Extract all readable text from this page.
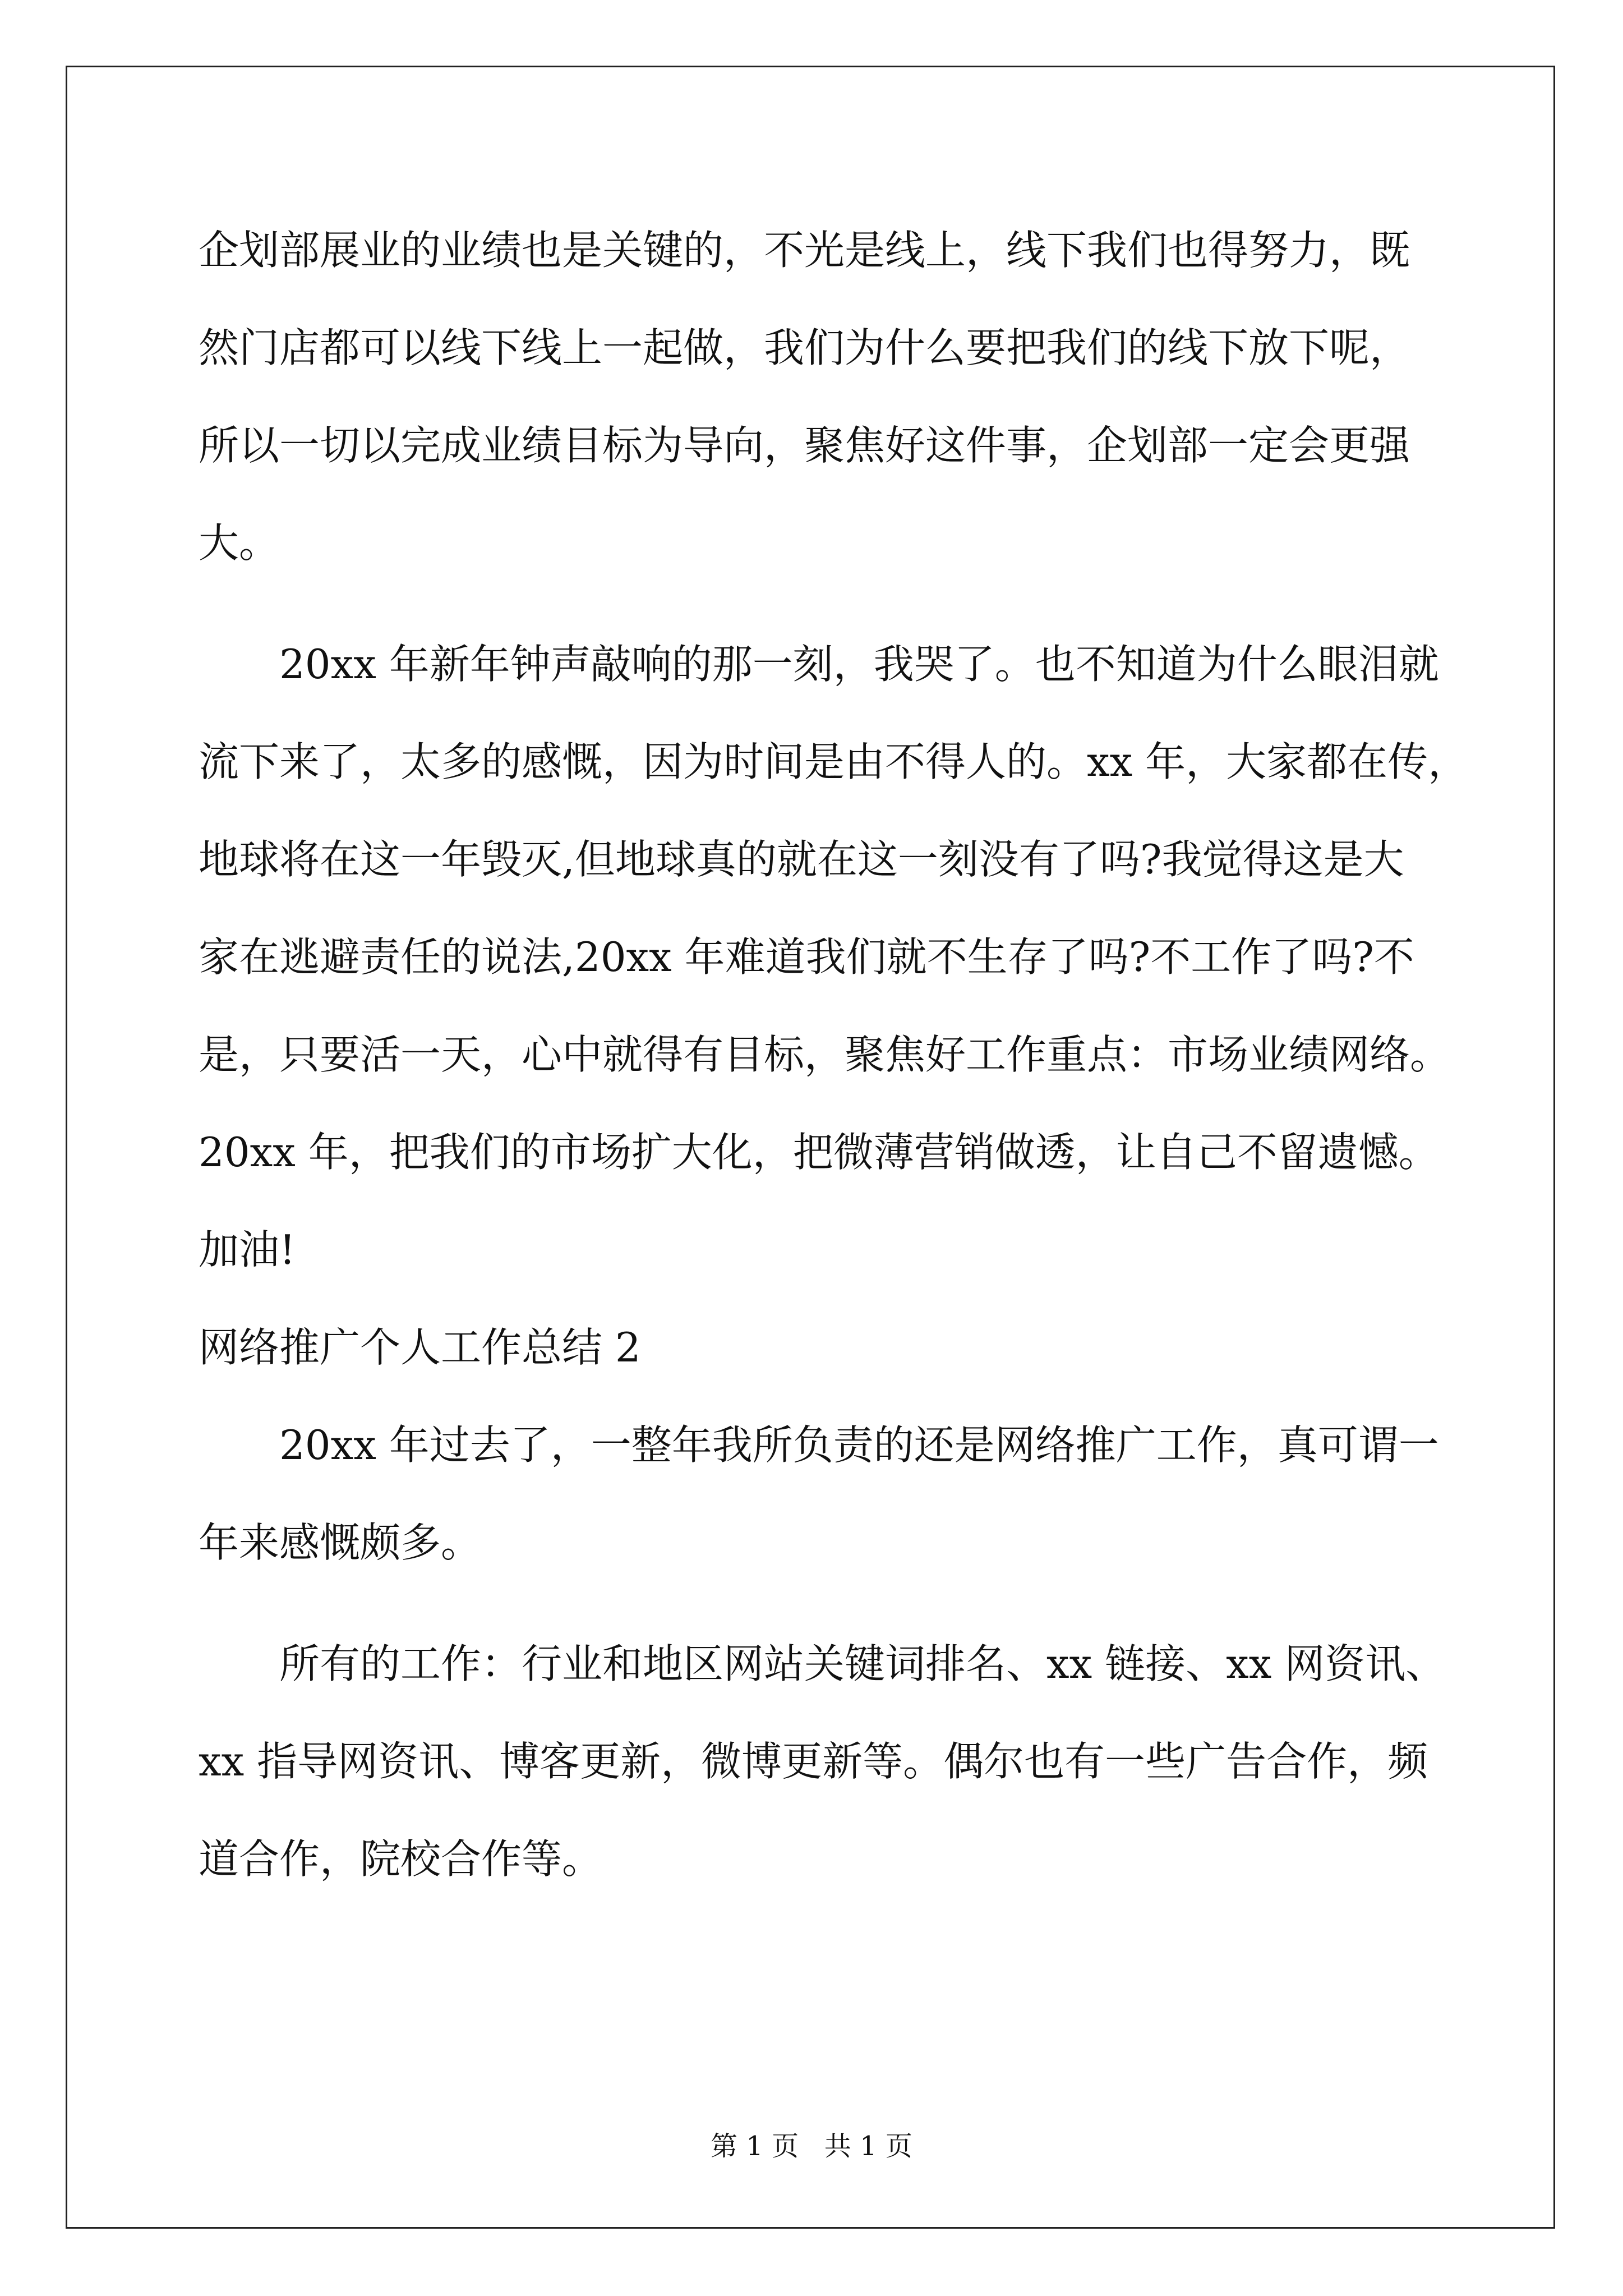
企划部展业的业绩也是关键的，不光是线上，线下我们也得努力，既
然门店都可以线下线上一起做，我们为什么要把我们的线下放下呢，
所以一切以完成业绩目标为导向，聚焦好这件事，企划部一定会更强
大。
20xx 年新年钟声敲响的那一刻，我哭了。也不知道为什么眼泪就
流下来了，太多的感慨，因为时间是由不得人的。xx 年，大家都在传，
地球将在这一年毁灭,但地球真的就在这一刻没有了吗?我觉得这是大
家在逃避责任的说法,20xx 年难道我们就不生存了吗?不工作了吗?不
是，只要活一天，心中就得有目标，聚焦好工作重点：市场业绩网络。
20xx 年，把我们的市场扩大化，把微薄营销做透，让自己不留遗憾。
加油!
网络推广个人工作总结 2
20xx 年过去了，一整年我所负责的还是网络推广工作，真可谓一
年来感慨颇多。
所有的工作：行业和地区网站关键词排名、xx 链接、xx 网资讯、
xx 指导网资讯、博客更新，微博更新等。偶尔也有一些广告合作，频
道合作，院校合作等。
第 1 页   共 1 页
